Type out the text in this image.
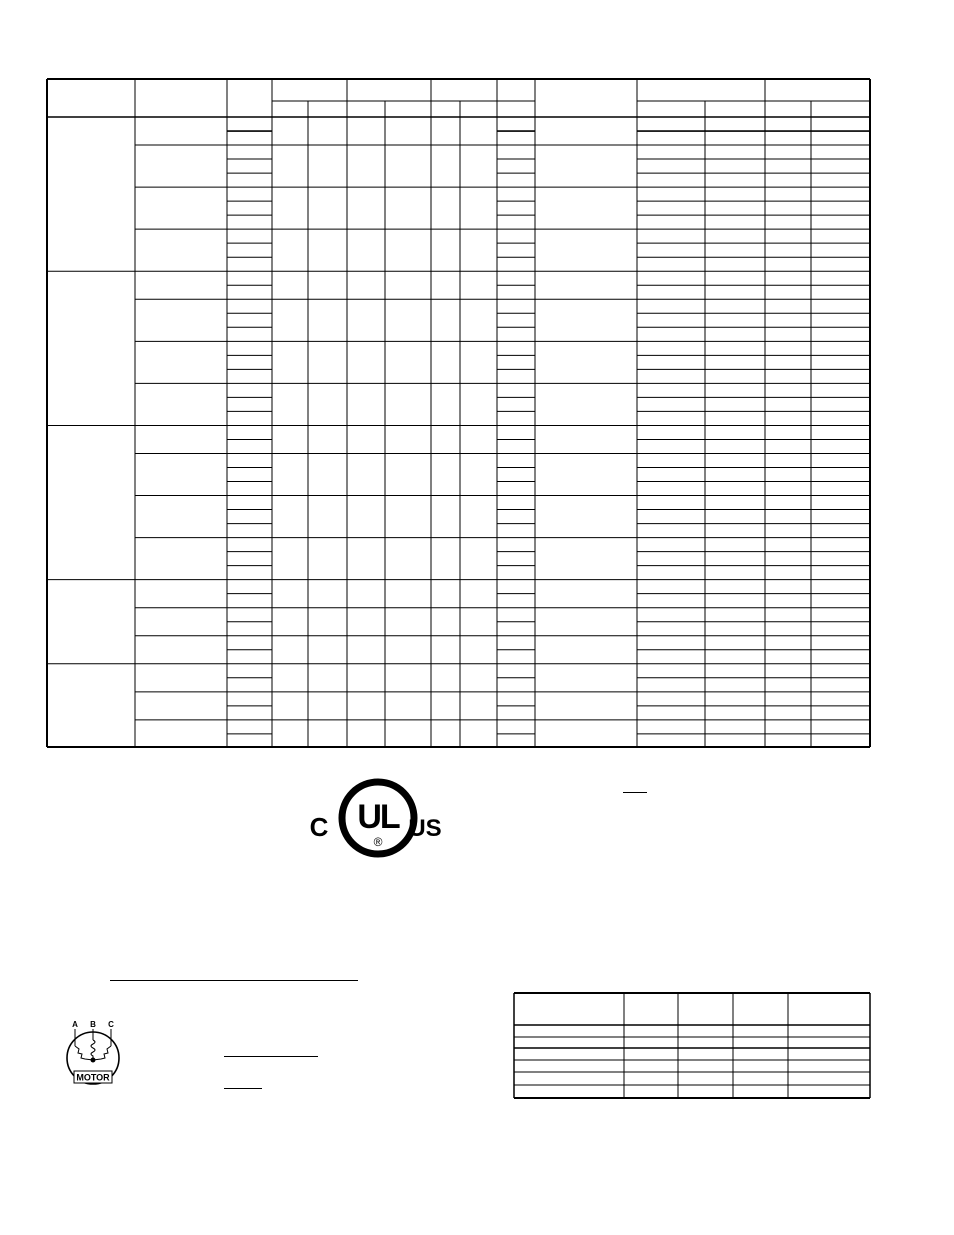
C UL
® US
A B C
MOTOR
